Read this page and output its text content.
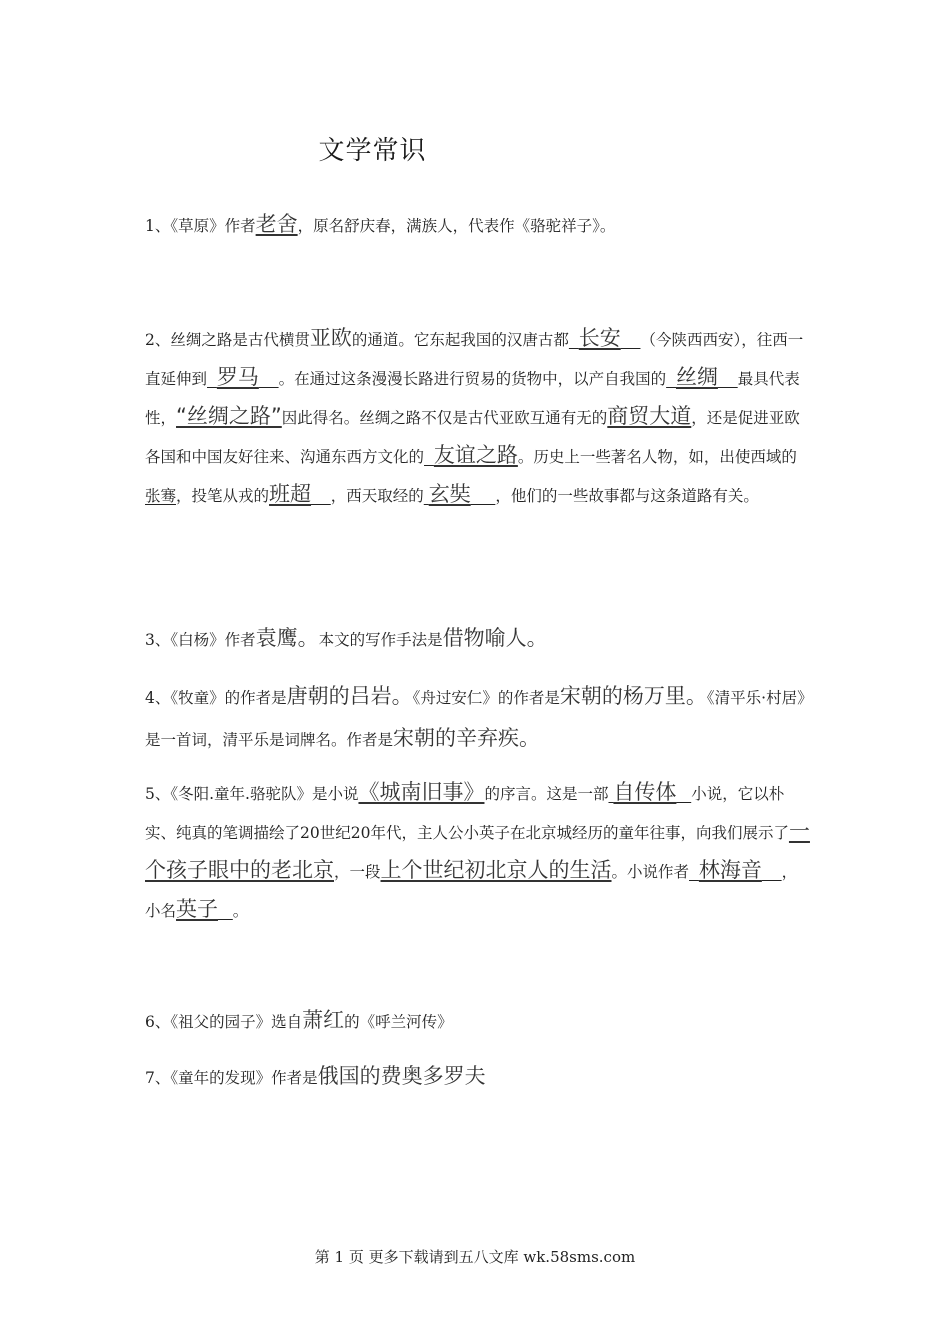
文学常识
1、《草原》作者老舍，原名舒庆春，满族人，代表作《骆驼祥子》。
2、丝绸之路是古代横贯亚欧的通道。它东起我国的汉唐古都 长安 （今陕西西安），往西一直延伸到 罗马 。在通过这条漫漫长路进行贸易的货物中，以产自我国的 丝绸 最具代表性，“丝绸之路”因此得名。丝绸之路不仅是古代亚欧互通有无的商贸大道，还是促进亚欧各国和中国友好往来、沟通东西方文化的 友谊之路。历史上一些著名人物，如，出使西域的张骞，投笔从戎的班超 ，西天取经的 玄奘 ，他们的一些故事都与这条道路有关。
3、《白杨》作者袁鹰。本文的写作手法是借物喻人。
4、《牧童》的作者是唐朝的吕岩。《舟过安仁》的作者是宋朝的杨万里。《清平乐·村居》是一首词，清平乐是词牌名。作者是宋朝的辛弃疾。
5、《冬阳.童年.骆驼队》是小说《城南旧事》的序言。这是一部 自传体 小说，它以朴实、纯真的笔调描绘了20世纪20年代，主人公小英子在北京城经历的童年往事，向我们展示了一个孩子眼中的老北京，一段上个世纪初北京人的生活。小说作者 林海音 ，小名英子 。
6、《祖父的园子》选自萧红的《呼兰河传》
7、《童年的发现》作者是俄国的费奥多罗夫
第 1 页 更多下载请到五八文库 wk.58sms.com
